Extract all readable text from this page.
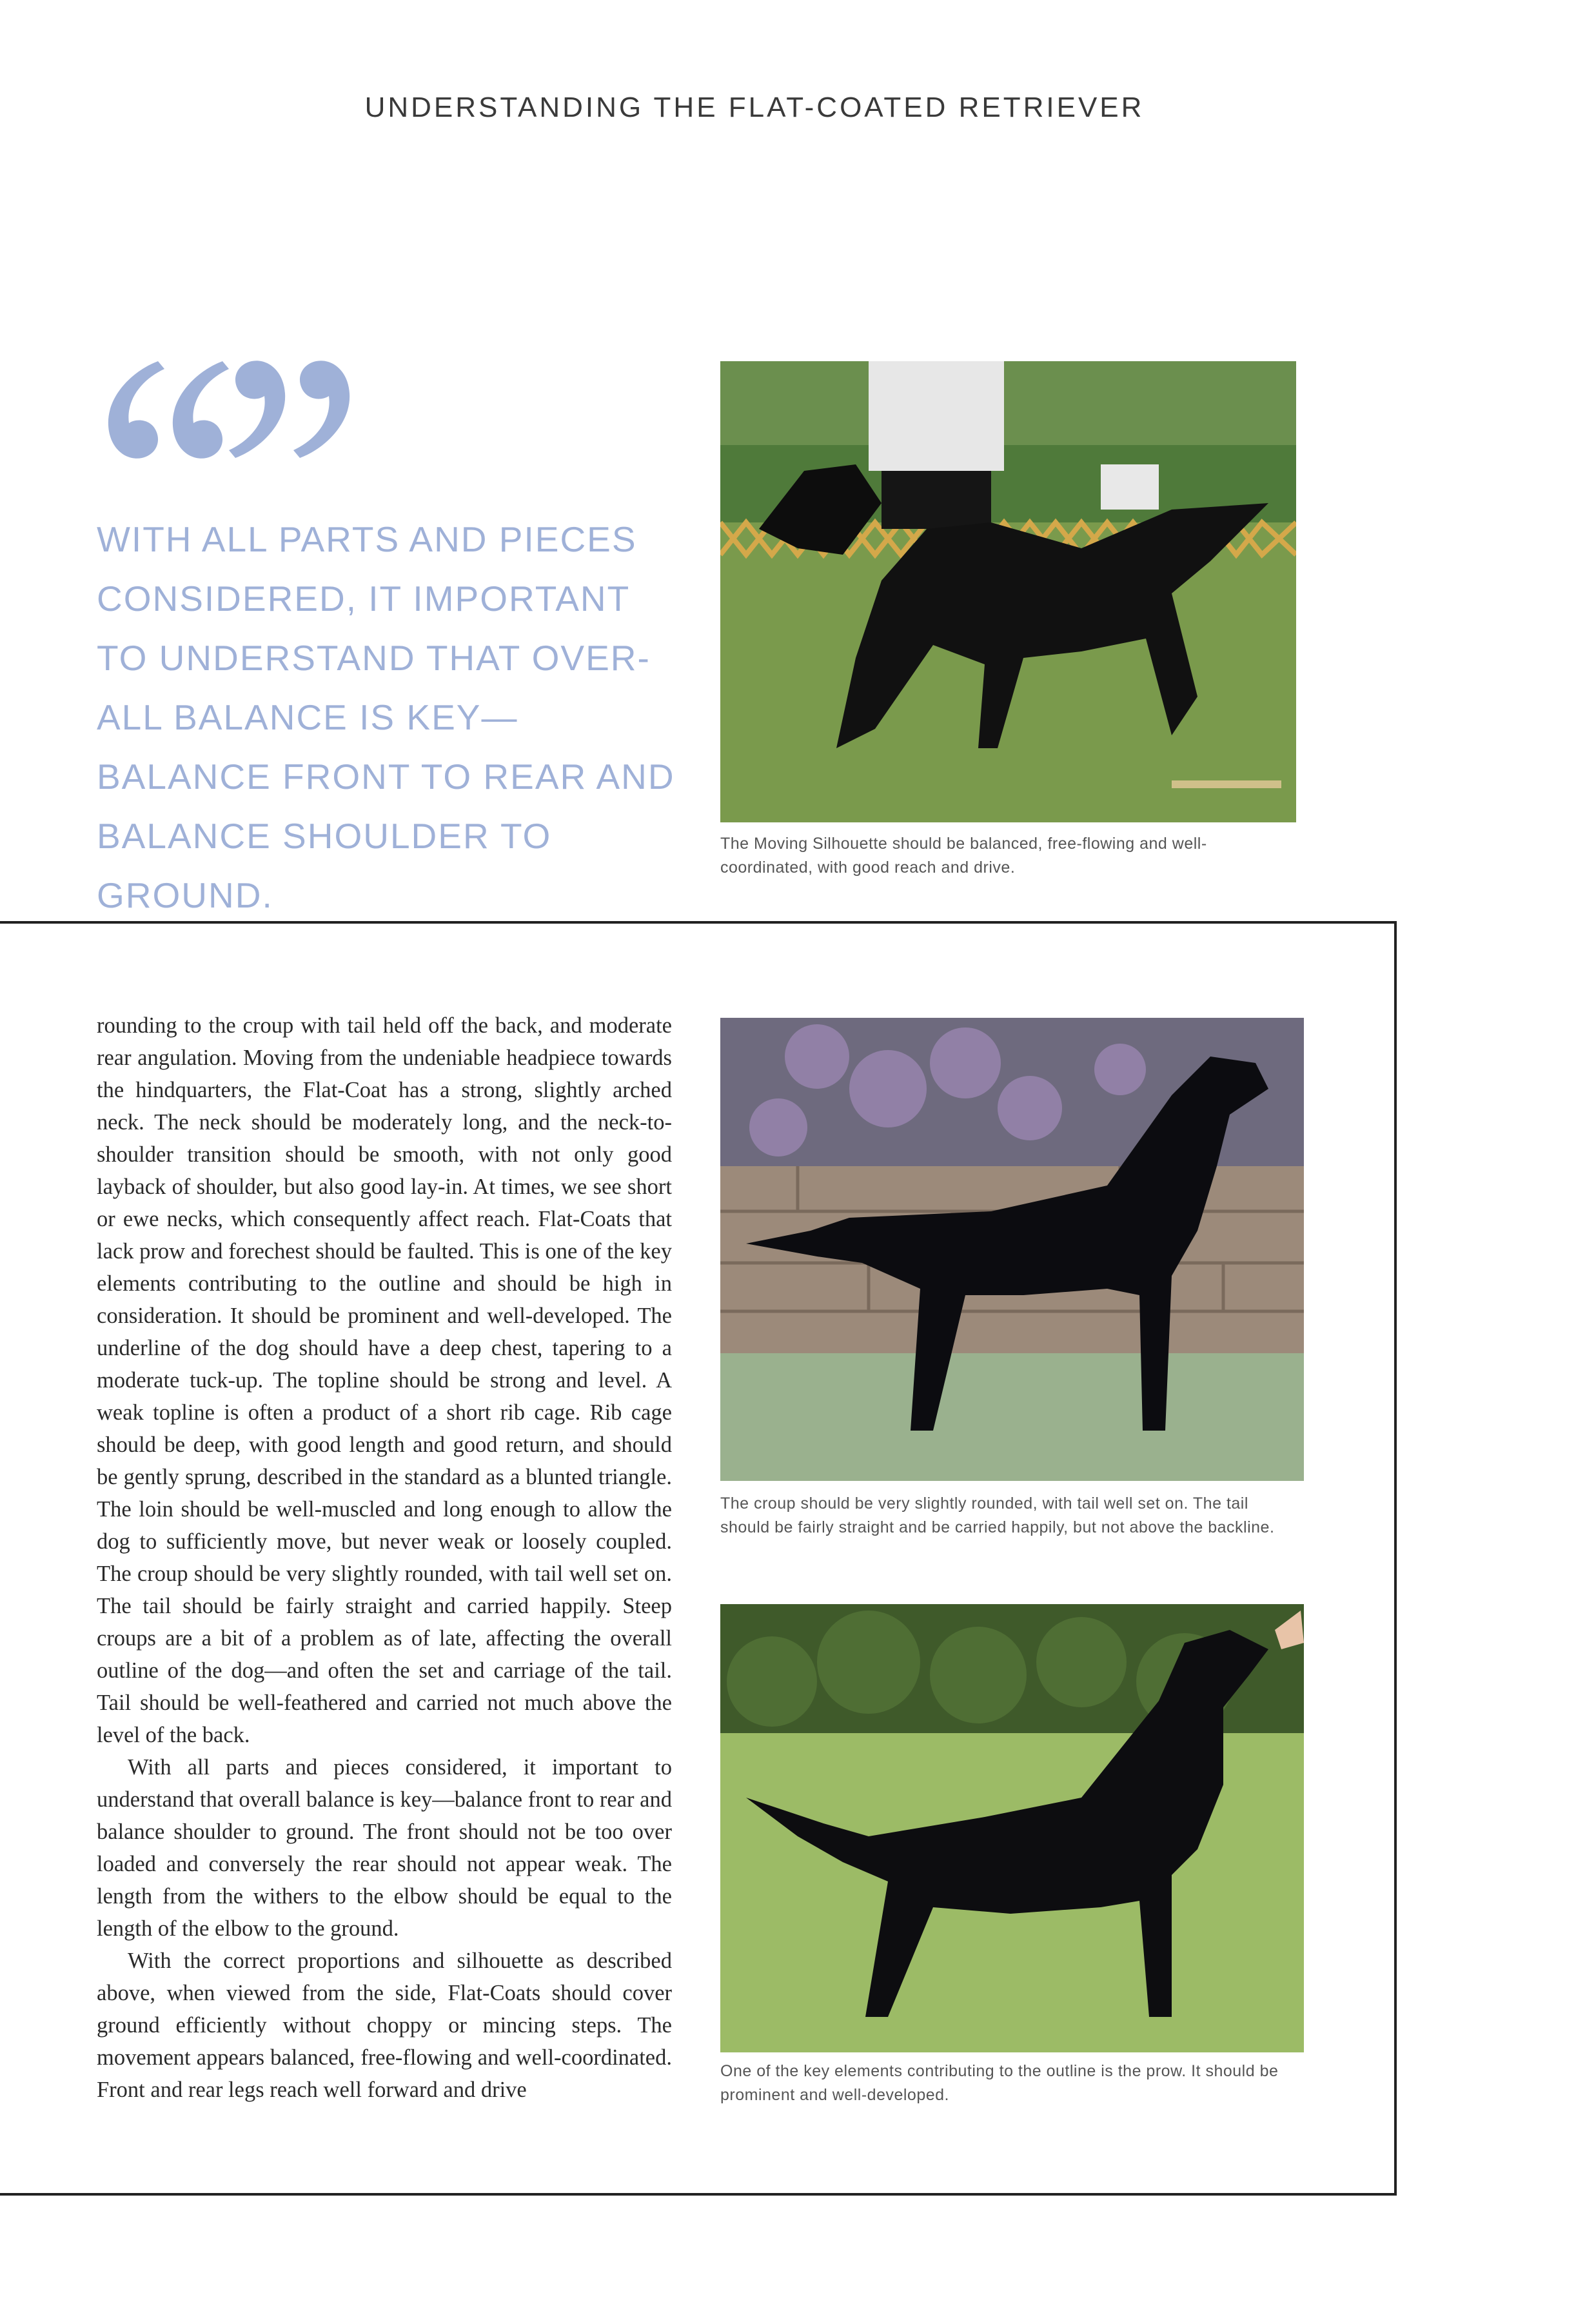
UNDERSTANDING THE FLAT-COATED RETRIEVER

WITH ALL PARTS AND PIECES CONSIDERED, IT IMPORTANT TO UNDERSTAND THAT OVER-ALL BALANCE IS KEY—BALANCE FRONT TO REAR AND BALANCE SHOULDER TO GROUND.

The Moving Silhouette should be balanced, free-flowing and well-coordinated, with good reach and drive.

rounding to the croup with tail held off the back, and moderate rear angulation. Moving from the undeniable headpiece towards the hindquarters, the Flat-Coat has a strong, slightly arched neck. The neck should be moderately long, and the neck-to-shoulder transition should be smooth, with not only good layback of shoulder, but also good lay-in. At times, we see short or ewe necks, which consequently affect reach. Flat-Coats that lack prow and forechest should be faulted. This is one of the key elements contributing to the outline and should be high in consideration. It should be prominent and well-developed. The underline of the dog should have a deep chest, tapering to a moderate tuck-up. The topline should be strong and level. A weak topline is often a product of a short rib cage. Rib cage should be deep, with good length and good return, and should be gently sprung, described in the standard as a blunted triangle. The loin should be well-muscled and long enough to allow the dog to sufficiently move, but never weak or loosely coupled. The croup should be very slightly rounded, with tail well set on. The tail should be fairly straight and carried happily. Steep croups are a bit of a problem as of late, affecting the overall outline of the dog—and often the set and carriage of the tail. Tail should be well-feathered and carried not much above the level of the back.

With all parts and pieces considered, it important to understand that overall balance is key—balance front to rear and balance shoulder to ground. The front should not be too over loaded and conversely the rear should not appear weak. The length from the withers to the elbow should be equal to the length of the elbow to the ground.

With the correct proportions and silhouette as described above, when viewed from the side, Flat-Coats should cover ground efficiently without choppy or mincing steps. The movement appears balanced, free-flowing and well-coordinated. Front and rear legs reach well forward and drive

The croup should be very slightly rounded, with tail well set on. The tail should be fairly straight and be carried happily, but not above the backline.

One of the key elements contributing to the outline is the prow. It should be prominent and well-developed.
